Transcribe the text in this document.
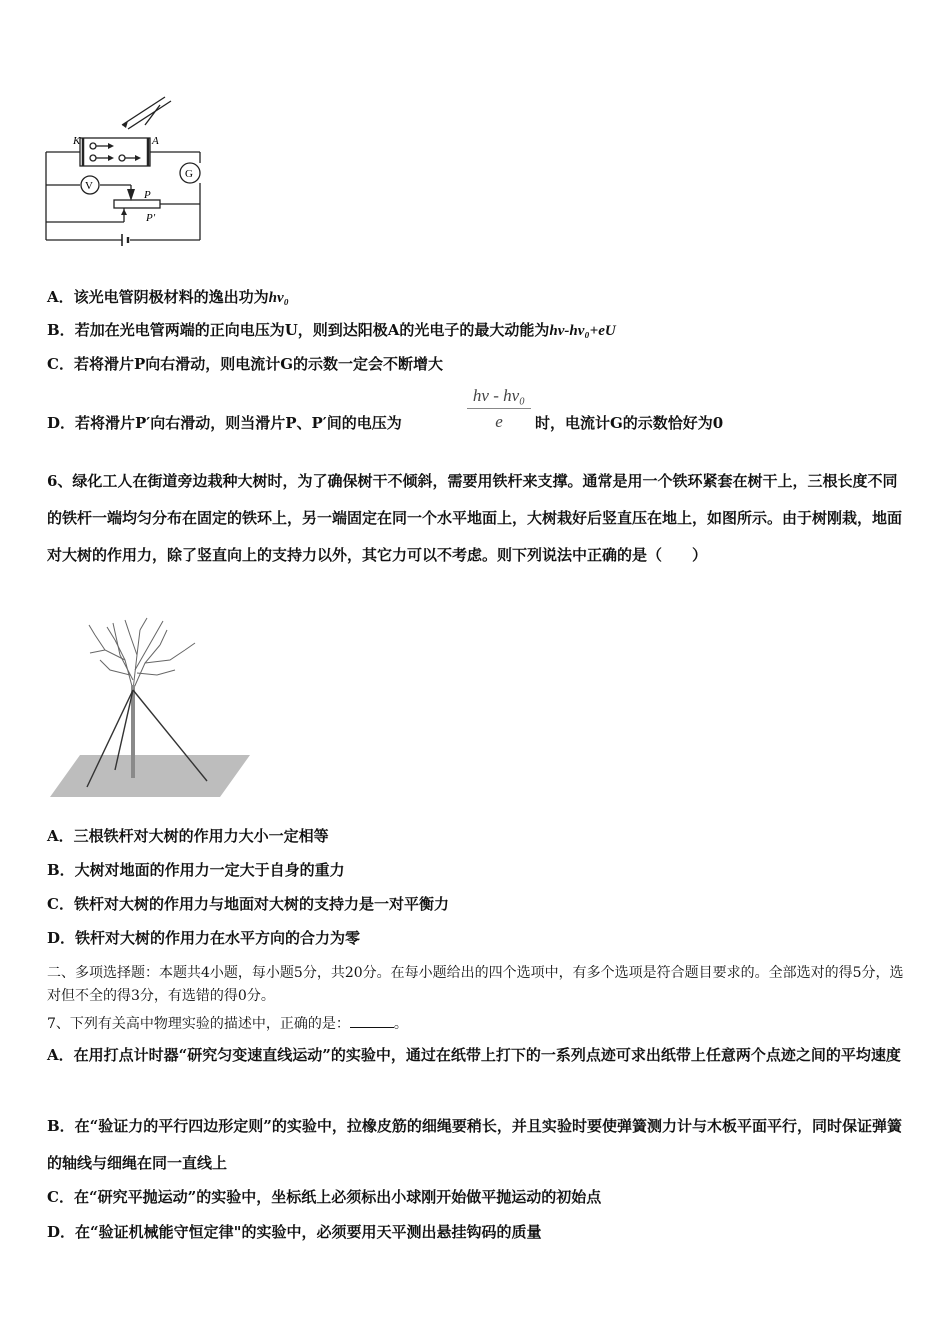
K	A
V
G
P
P′
A．该光电管阴极材料的逸出功为hν₀
B．若加在光电管两端的正向电压为U，则到达阳极A的光电子的最大动能为hν-hν₀+eU
C．若将滑片P向右滑动，则电流计G的示数一定会不断增大
D．若将滑片P′向右滑动，则当滑片P、P′间的电压为	$\frac{\text{hν - hν₀}}{e}$ 时，电流计G的示数恰好为0
6、绿化工人在街道旁边栽种大树时，为了确保树干不倾斜，需要用铁杆来支撑。通常是用一个铁环紧套在树干上，三根长度不同的铁杆一端均匀分布在固定的铁环上，另一端固定在同一个水平地面上，大树栽好后竖直压在地上，如图所示。由于树刚栽，地面对大树的作用力，除了竖直向上的支持力以外，其它力可以不考虑。则下列说法中正确的是（　　）
A．三根铁杆对大树的作用力大小一定相等
B．大树对地面的作用力一定大于自身的重力
C．铁杆对大树的作用力与地面对大树的支持力是一对平衡力
D．铁杆对大树的作用力在水平方向的合力为零
二、多项选择题：本题共4小题，每小题5分，共20分。在每小题给出的四个选项中，有多个选项是符合题目要求的。全部选对的得5分，选对但不全的得3分，有选错的得0分。
7、下列有关高中物理实验的描述中，正确的是：	。
A．在用打点计时器“研究匀变速直线运动”的实验中，通过在纸带上打下的一系列点迹可求出纸带上任意两个点迹之间的平均速度
B．在“验证力的平行四边形定则”的实验中，拉橡皮筋的细绳要稍长，并且实验时要使弹簧测力计与木板平面平行，同时保证弹簧的轴线与细绳在同一直线上
C．在“研究平抛运动”的实验中，坐标纸上必须标出小球刚开始做平抛运动的初始点
D．在“验证机械能守恒定律"的实验中，必须要用天平测出悬挂钩码的质量
